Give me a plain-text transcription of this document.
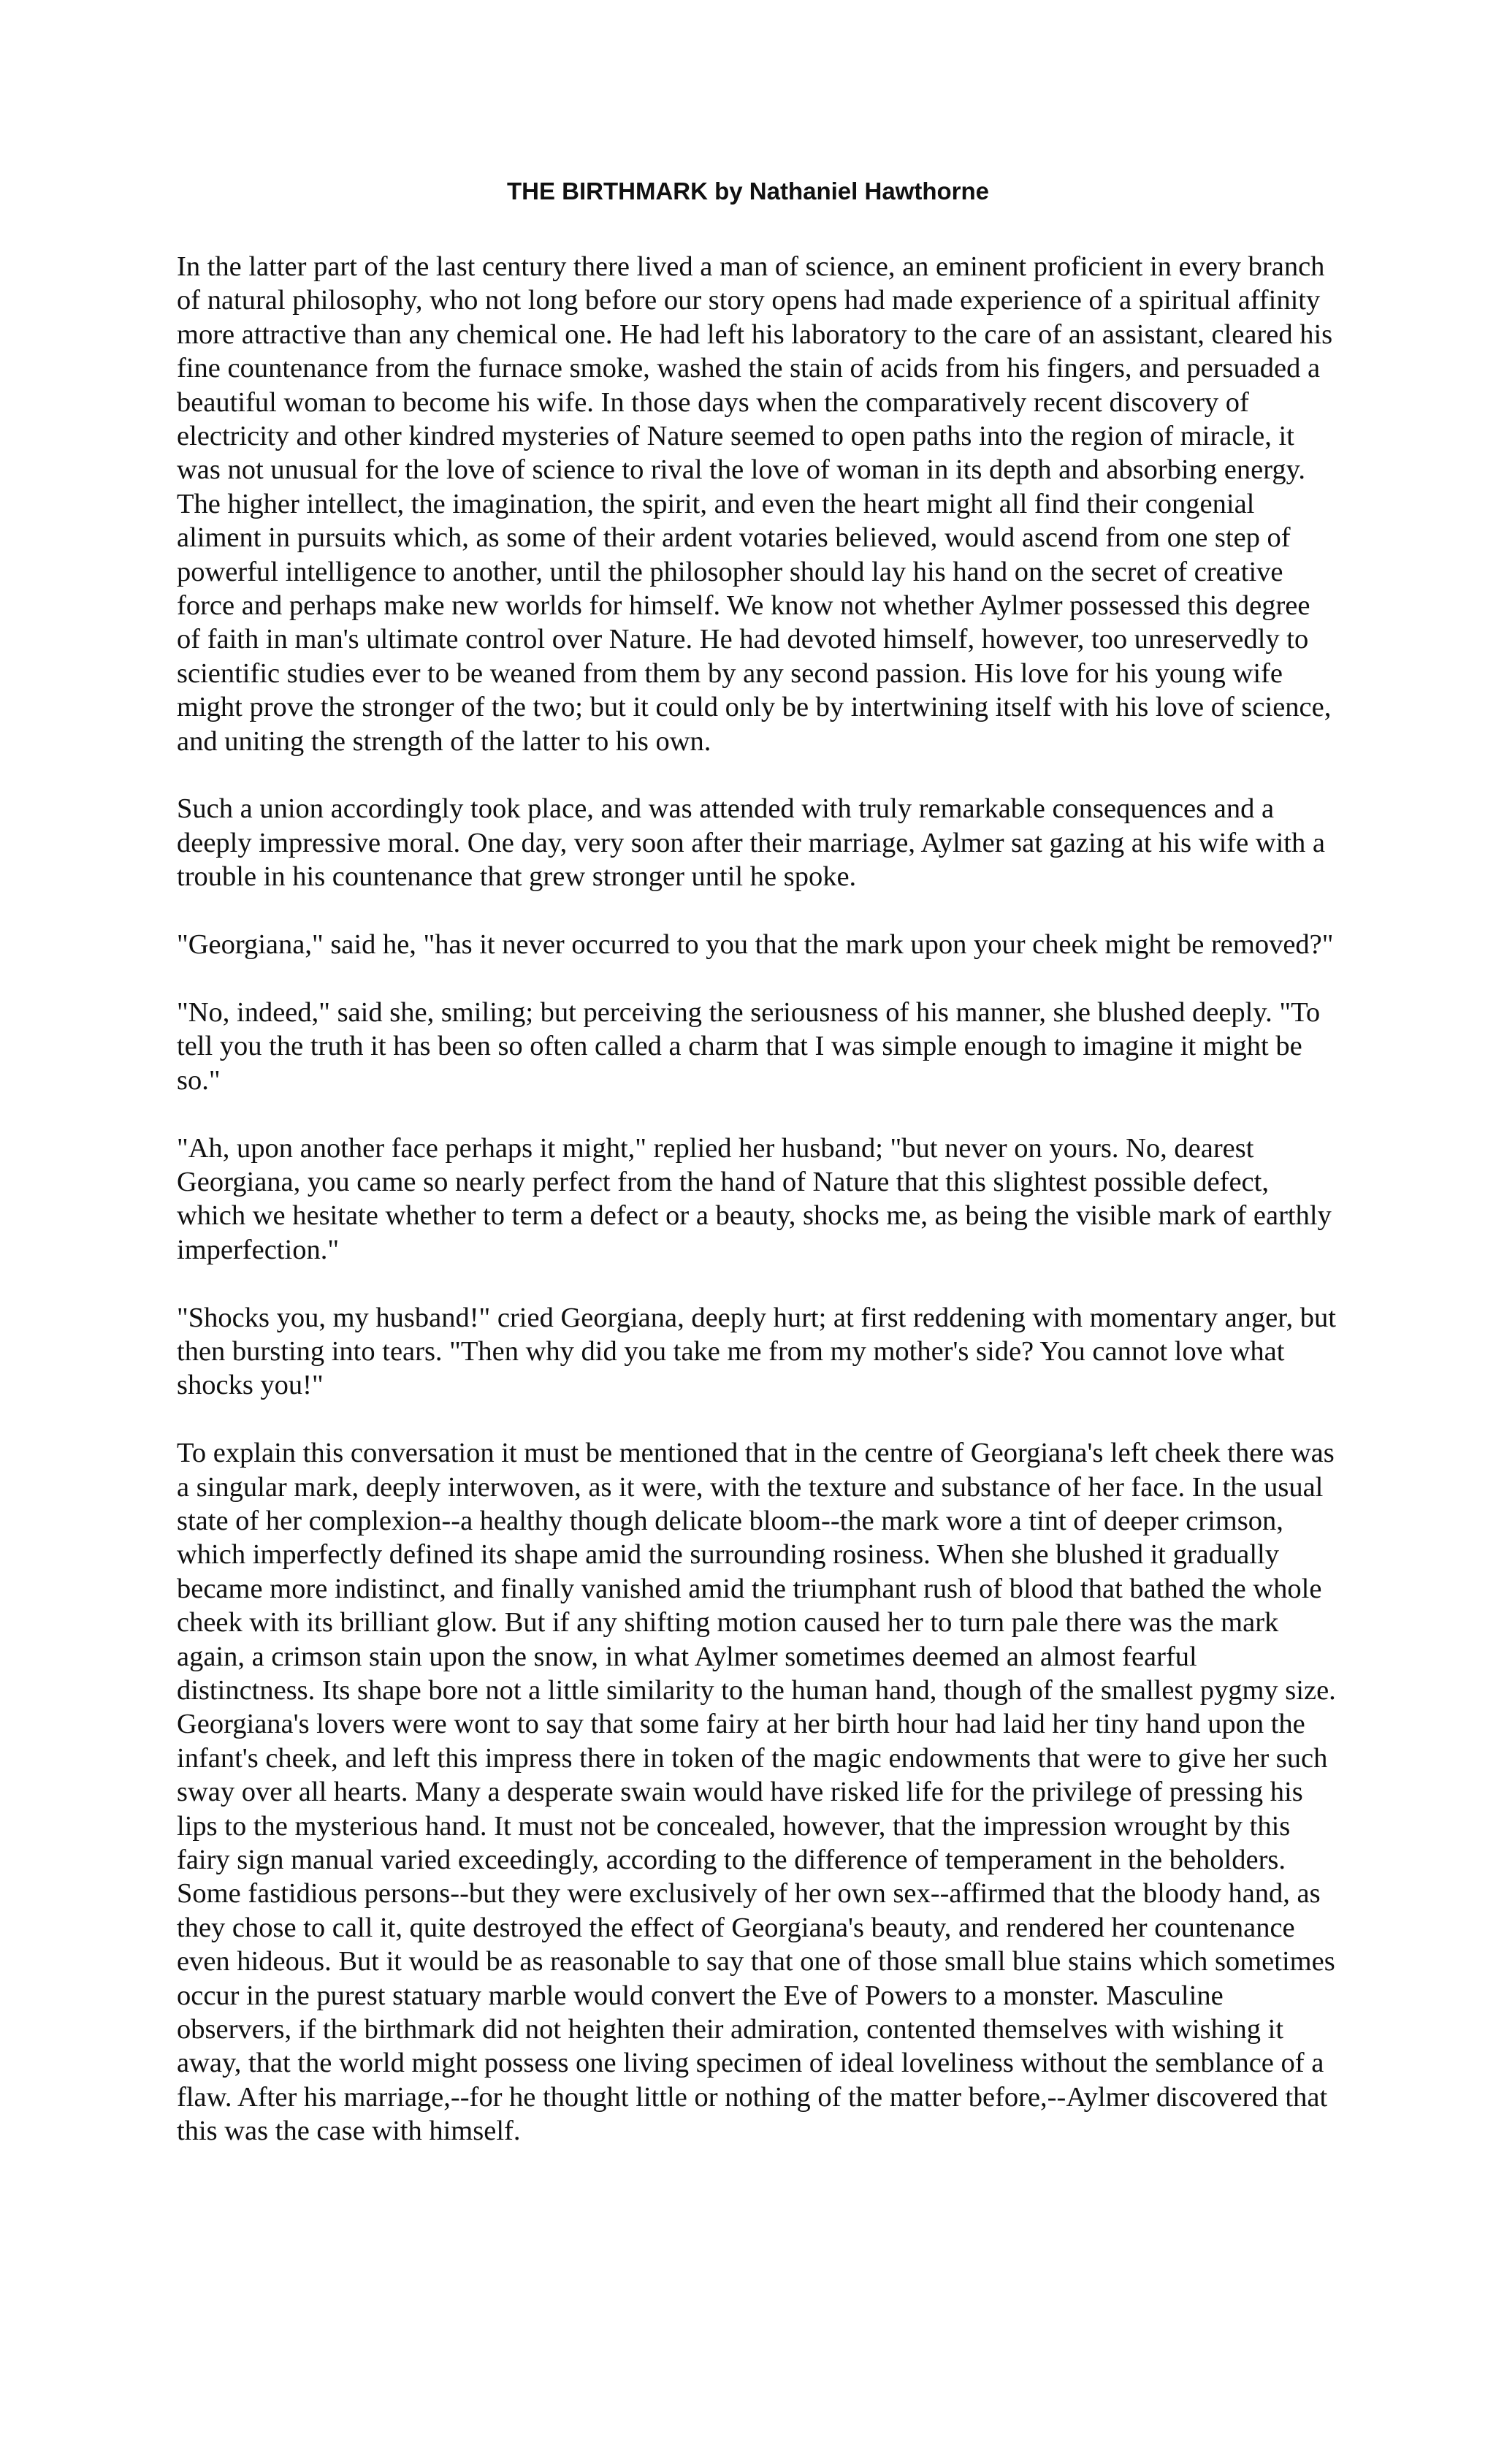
THE BIRTHMARK by Nathaniel Hawthorne

In the latter part of the last century there lived a man of science, an eminent proficient in every branch of natural philosophy, who not long before our story opens had made experience of a spiritual affinity more attractive than any chemical one. He had left his laboratory to the care of an assistant, cleared his fine countenance from the furnace smoke, washed the stain of acids from his fingers, and persuaded a beautiful woman to become his wife. In those days when the comparatively recent discovery of electricity and other kindred mysteries of Nature seemed to open paths into the region of miracle, it was not unusual for the love of science to rival the love of woman in its depth and absorbing energy. The higher intellect, the imagination, the spirit, and even the heart might all find their congenial aliment in pursuits which, as some of their ardent votaries believed, would ascend from one step of powerful intelligence to another, until the philosopher should lay his hand on the secret of creative force and perhaps make new worlds for himself. We know not whether Aylmer possessed this degree of faith in man's ultimate control over Nature. He had devoted himself, however, too unreservedly to scientific studies ever to be weaned from them by any second passion. His love for his young wife might prove the stronger of the two; but it could only be by intertwining itself with his love of science, and uniting the strength of the latter to his own.

Such a union accordingly took place, and was attended with truly remarkable consequences and a deeply impressive moral. One day, very soon after their marriage, Aylmer sat gazing at his wife with a trouble in his countenance that grew stronger until he spoke.

"Georgiana," said he, "has it never occurred to you that the mark upon your cheek might be removed?"

"No, indeed," said she, smiling; but perceiving the seriousness of his manner, she blushed deeply. "To tell you the truth it has been so often called a charm that I was simple enough to imagine it might be so."

"Ah, upon another face perhaps it might," replied her husband; "but never on yours. No, dearest Georgiana, you came so nearly perfect from the hand of Nature that this slightest possible defect, which we hesitate whether to term a defect or a beauty, shocks me, as being the visible mark of earthly imperfection."

"Shocks you, my husband!" cried Georgiana, deeply hurt; at first reddening with momentary anger, but then bursting into tears. "Then why did you take me from my mother's side? You cannot love what shocks you!"

To explain this conversation it must be mentioned that in the centre of Georgiana's left cheek there was a singular mark, deeply interwoven, as it were, with the texture and substance of her face. In the usual state of her complexion--a healthy though delicate bloom--the mark wore a tint of deeper crimson, which imperfectly defined its shape amid the surrounding rosiness. When she blushed it gradually became more indistinct, and finally vanished amid the triumphant rush of blood that bathed the whole cheek with its brilliant glow. But if any shifting motion caused her to turn pale there was the mark again, a crimson stain upon the snow, in what Aylmer sometimes deemed an almost fearful distinctness. Its shape bore not a little similarity to the human hand, though of the smallest pygmy size. Georgiana's lovers were wont to say that some fairy at her birth hour had laid her tiny hand upon the infant's cheek, and left this impress there in token of the magic endowments that were to give her such sway over all hearts. Many a desperate swain would have risked life for the privilege of pressing his lips to the mysterious hand. It must not be concealed, however, that the impression wrought by this fairy sign manual varied exceedingly, according to the difference of temperament in the beholders. Some fastidious persons--but they were exclusively of her own sex--affirmed that the bloody hand, as they chose to call it, quite destroyed the effect of Georgiana's beauty, and rendered her countenance even hideous. But it would be as reasonable to say that one of those small blue stains which sometimes occur in the purest statuary marble would convert the Eve of Powers to a monster. Masculine observers, if the birthmark did not heighten their admiration, contented themselves with wishing it away, that the world might possess one living specimen of ideal loveliness without the semblance of a flaw. After his marriage,--for he thought little or nothing of the matter before,--Aylmer discovered that this was the case with himself.
